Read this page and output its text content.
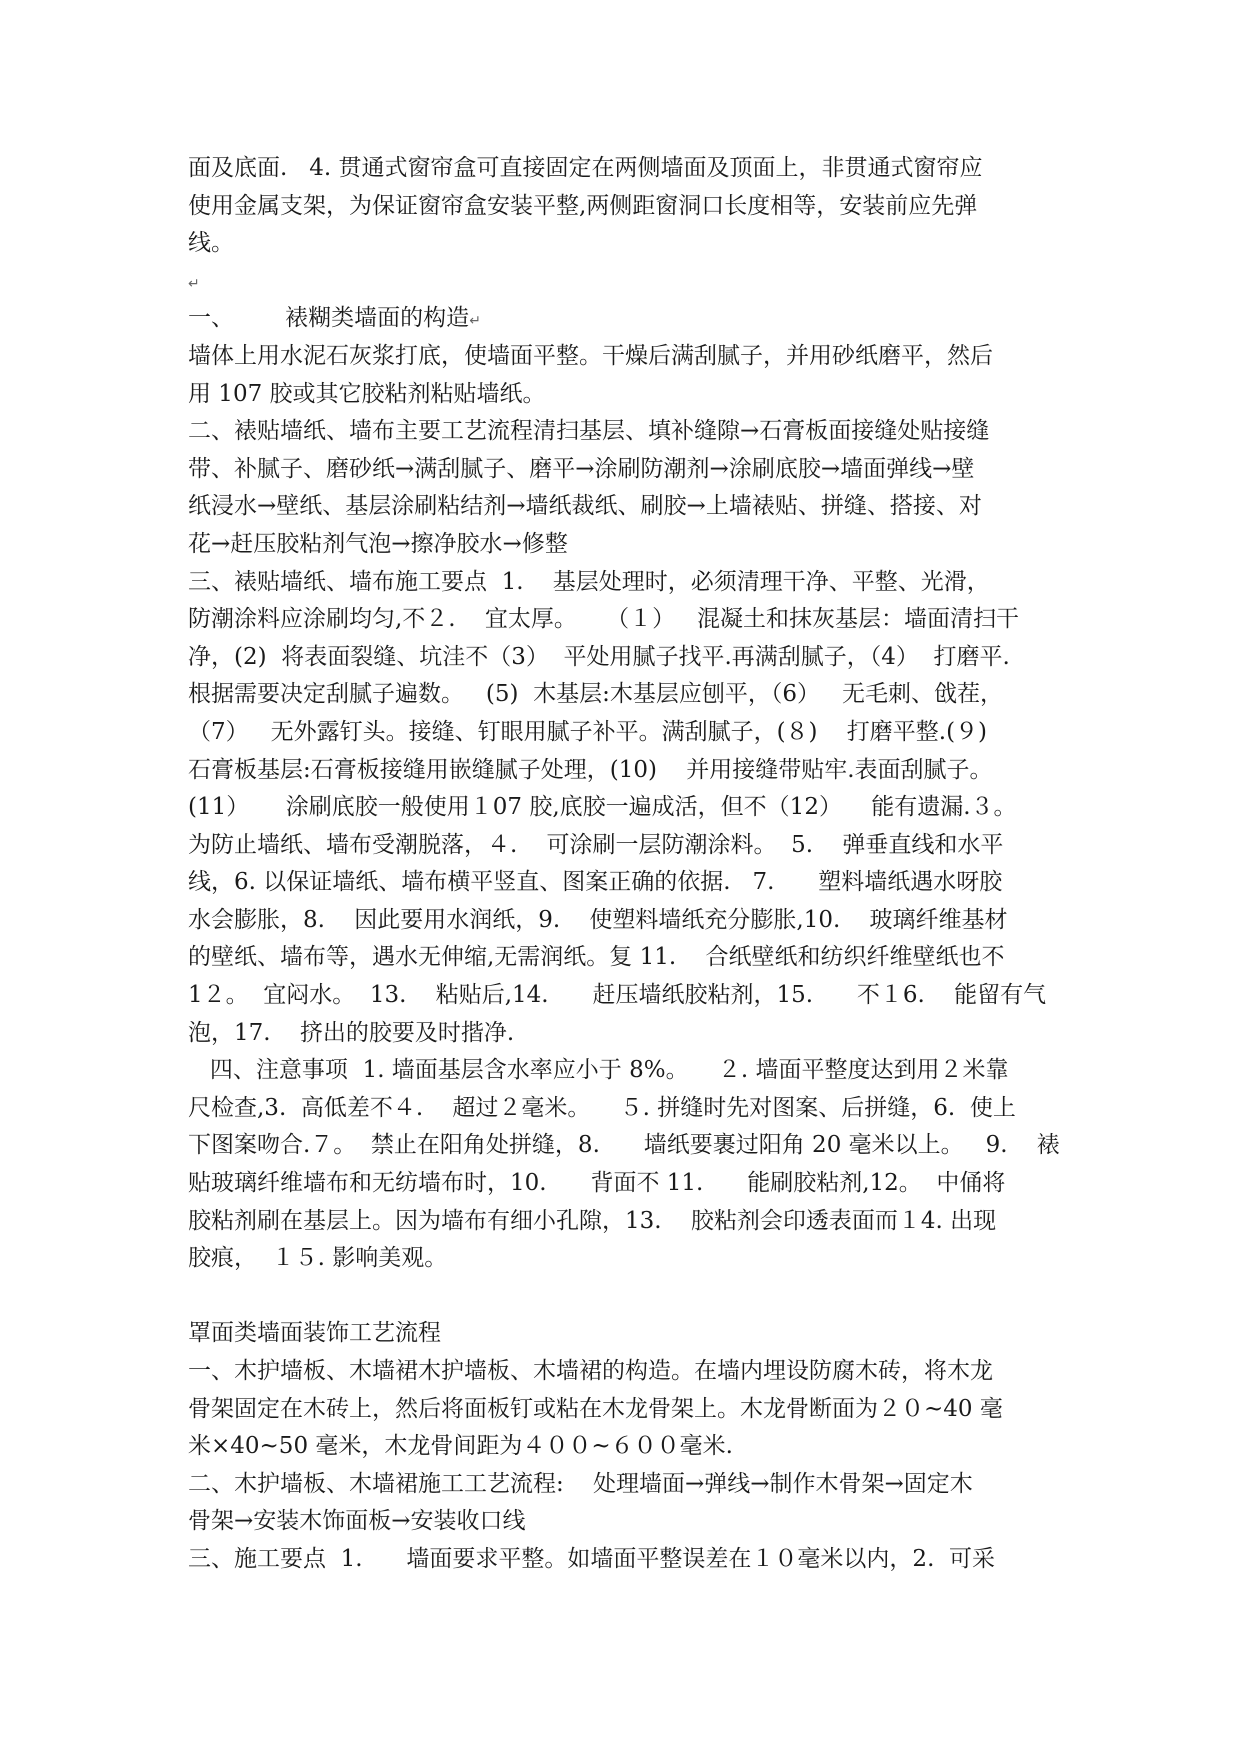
面及底面.   4. 贯通式窗帘盒可直接固定在两侧墙面及顶面上，非贯通式窗帘应
使用金属支架，为保证窗帘盒安装平整,两侧距窗洞口长度相等，安装前应先弹
线。
↵
一、       裱糊类墙面的构造↵
墙体上用水泥石灰浆打底，使墙面平整。干燥后满刮腻子，并用砂纸磨平，然后
用 107 胶或其它胶粘剂粘贴墙纸。
二、裱贴墙纸、墙布主要工艺流程清扫基层、填补缝隙→石膏板面接缝处贴接缝
带、补腻子、磨砂纸→满刮腻子、磨平→涂刷防潮剂→涂刷底胶→墙面弹线→壁
纸浸水→壁纸、基层涂刷粘结剂→墙纸裁纸、刷胶→上墙裱贴、拼缝、搭接、对
花→赶压胶粘剂气泡→擦净胶水→修整
三、裱贴墙纸、墙布施工要点  1.    基层处理时，必须清理干净、平整、光滑，
防潮涂料应涂刷均匀,不２.    宜太厚。    （１）   混凝土和抹灰基层：墙面清扫干
净，(2)  将表面裂缝、坑洼不（3）  平处用腻子找平.再满刮腻子，（4）  打磨平.
根据需要决定刮腻子遍数。   (5)  木基层:木基层应刨平，（6）   无毛刺、戗茬，
（7）   无外露钉头。接缝、钉眼用腻子补平。满刮腻子，(８)    打磨平整.(９)
石膏板基层:石膏板接缝用嵌缝腻子处理，(10)    并用接缝带贴牢.表面刮腻子。
(11）     涂刷底胶一般使用１07 胶,底胶一遍成活，但不（12）    能有遗漏.３。
为防止墙纸、墙布受潮脱落，４.    可涂刷一层防潮涂料。  5.    弹垂直线和水平
线，6. 以保证墙纸、墙布横平竖直、图案正确的依据.   7.      塑料墙纸遇水呀胶
水会膨胀，8.    因此要用水润纸，9.    使塑料墙纸充分膨胀,10.    玻璃纤维基材
的壁纸、墙布等，遇水无伸缩,无需润纸。复 11.    合纸壁纸和纺织纤维壁纸也不
1２。  宜闷水。  13.    粘贴后,14.      赶压墙纸胶粘剂，15.      不１6.    能留有气
泡，17.    挤出的胶要及时揩净.
四、注意事项  1. 墙面基层含水率应小于 8%。    ２. 墙面平整度达到用２米靠
尺检查,3.  高低差不４.    超过２毫米。    ５. 拼缝时先对图案、后拼缝，6.  使上
下图案吻合.７。  禁止在阳角处拼缝，8.      墙纸要裹过阳角 20 毫米以上。   9.    裱
贴玻璃纤维墙布和无纺墙布时，10.      背面不 11.      能刷胶粘剂,12。  中俑将
胶粘剂刷在基层上。因为墙布有细小孔隙，13.    胶粘剂会印透表面而１4. 出现
胶痕，  １５. 影响美观。
罩面类墙面装饰工艺流程
一、木护墙板、木墙裙木护墙板、木墙裙的构造。在墙内埋设防腐木砖，将木龙
骨架固定在木砖上，然后将面板钉或粘在木龙骨架上。木龙骨断面为２０~40 毫
米×40~50 毫米，木龙骨间距为４００~６００毫米.
二、木护墙板、木墙裙施工工艺流程:    处理墙面→弹线→制作木骨架→固定木
骨架→安装木饰面板→安装收口线
三、施工要点  1.      墙面要求平整。如墙面平整误差在１０毫米以内，2.  可采
